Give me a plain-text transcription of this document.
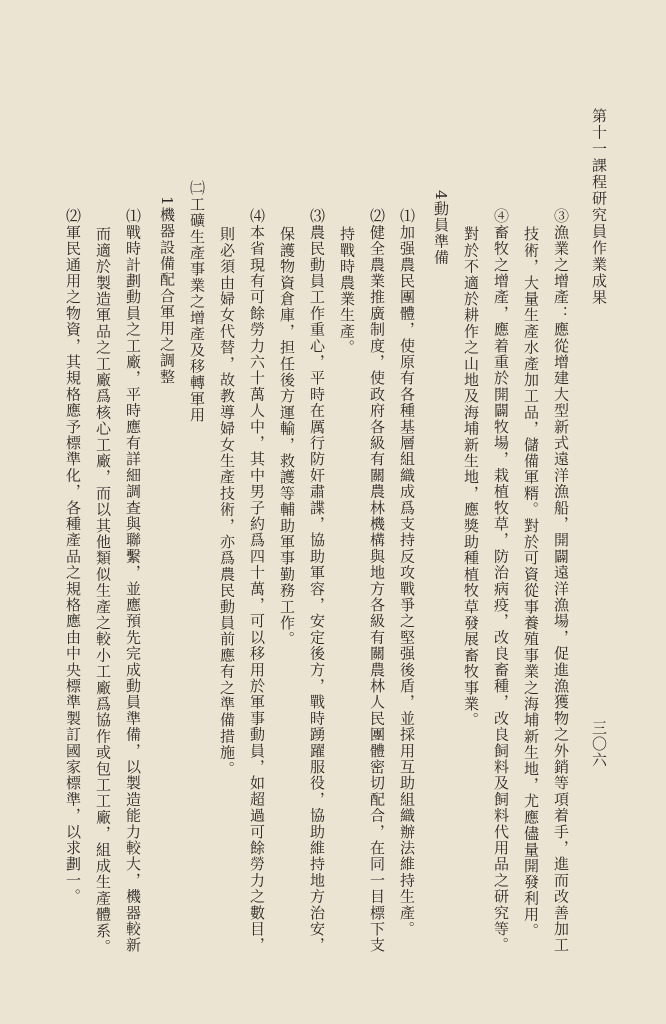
第十一課程研究員作業成果
三〇六
③漁業之增產：應從增建大型新式遠洋漁船，開闢遠洋漁場，促進漁獲物之外銷等項着手，進而改善加工
技術，大量生產水產加工品，儲備軍糈。對於可資從事養殖事業之海埔新生地，尤應儘量開發利用。
④畜牧之增產，應着重於開闢牧場，栽植牧草，防治病疫，改良畜種，改良飼料及飼料代用品之研究等。
對於不適於耕作之山地及海埔新生地，應獎助種植牧草發展畜牧事業。
4動員準備
⑴加强農民團體，使原有各種基層組織成爲支持反攻戰爭之堅强後盾，並採用互助組織辦法維持生產。
⑵健全農業推廣制度，使政府各級有關農林機構與地方各級有關農林人民團體密切配合，在同一目標下支
持戰時農業生產。
⑶農民動員工作重心，平時在厲行防奸肅諜，協助軍容，安定後方，戰時踴躍服役，協助維持地方治安，
保護物資倉庫，担任後方運輸，救護等輔助軍事勤務工作。
⑷本省現有可餘勞力六十萬人中，其中男子約爲四十萬，可以移用於軍事動員，如超過可餘勞力之數目，
則必須由婦女代替，故教導婦女生產技術，亦爲農民動員前應有之準備措施。
㈡工礦生產事業之增產及移轉軍用
1機器設備配合軍用之調整
⑴戰時計劃動員之工廠，平時應有詳細調查與聯繫，並應預先完成動員準備，以製造能力較大，機器較新
而適於製造軍品之工廠爲核心工廠，而以其他類似生產之較小工廠爲協作或包工工廠，組成生產體系。
⑵軍民通用之物資，其規格應予標準化，各種產品之規格應由中央標準製訂國家標準，以求劃一。
